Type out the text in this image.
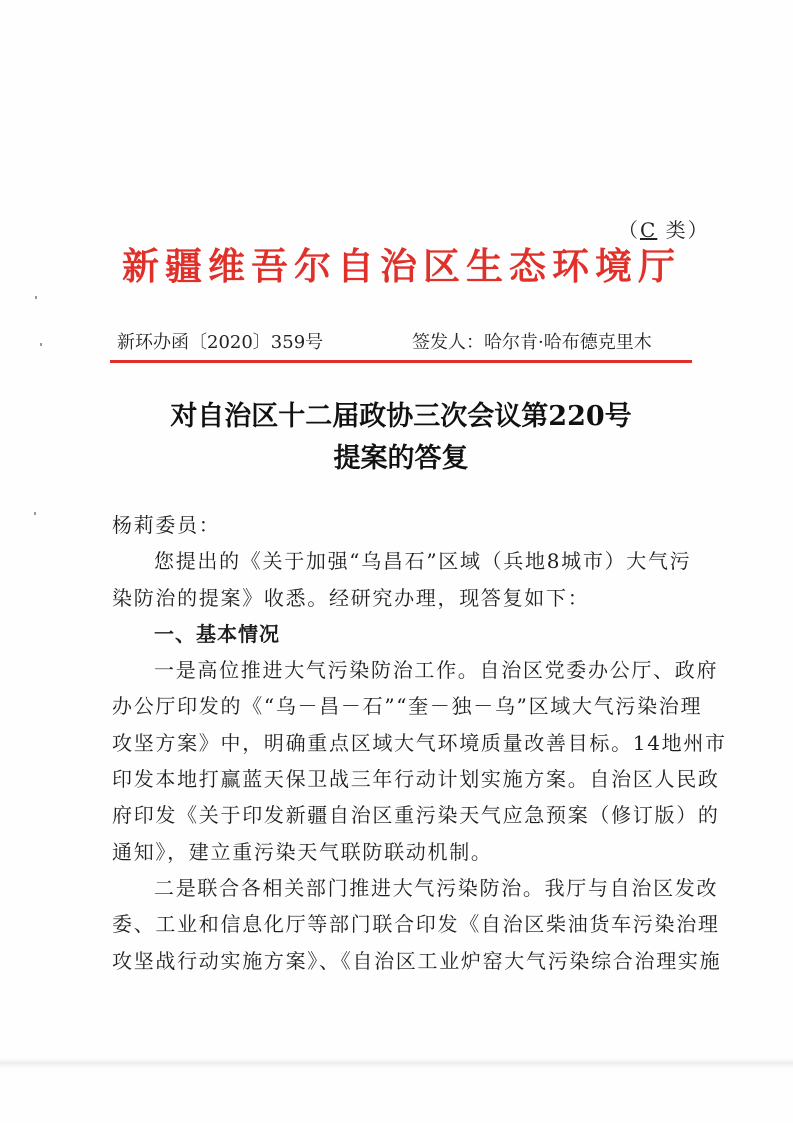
（C 类）
新疆维吾尔自治区生态环境厅
新环办函〔2020〕359号	签发人：哈尔肯·哈布德克里木
对自治区十二届政协三次会议第220号
提案的答复

杨莉委员：

您提出的《关于加强“乌昌石”区域（兵地8城市）大气污
染防治的提案》收悉。经研究办理，现答复如下：

一、基本情况

一是高位推进大气污染防治工作。自治区党委办公厅、政府
办公厅印发的《“乌－昌－石”“奎－独－乌”区域大气污染治理
攻坚方案》中，明确重点区域大气环境质量改善目标。14地州市
印发本地打赢蓝天保卫战三年行动计划实施方案。自治区人民政
府印发《关于印发新疆自治区重污染天气应急预案（修订版）的
通知》，建立重污染天气联防联动机制。

二是联合各相关部门推进大气污染防治。我厅与自治区发改
委、工业和信息化厅等部门联合印发《自治区柴油货车污染治理
攻坚战行动实施方案》、《自治区工业炉窑大气污染综合治理实施
